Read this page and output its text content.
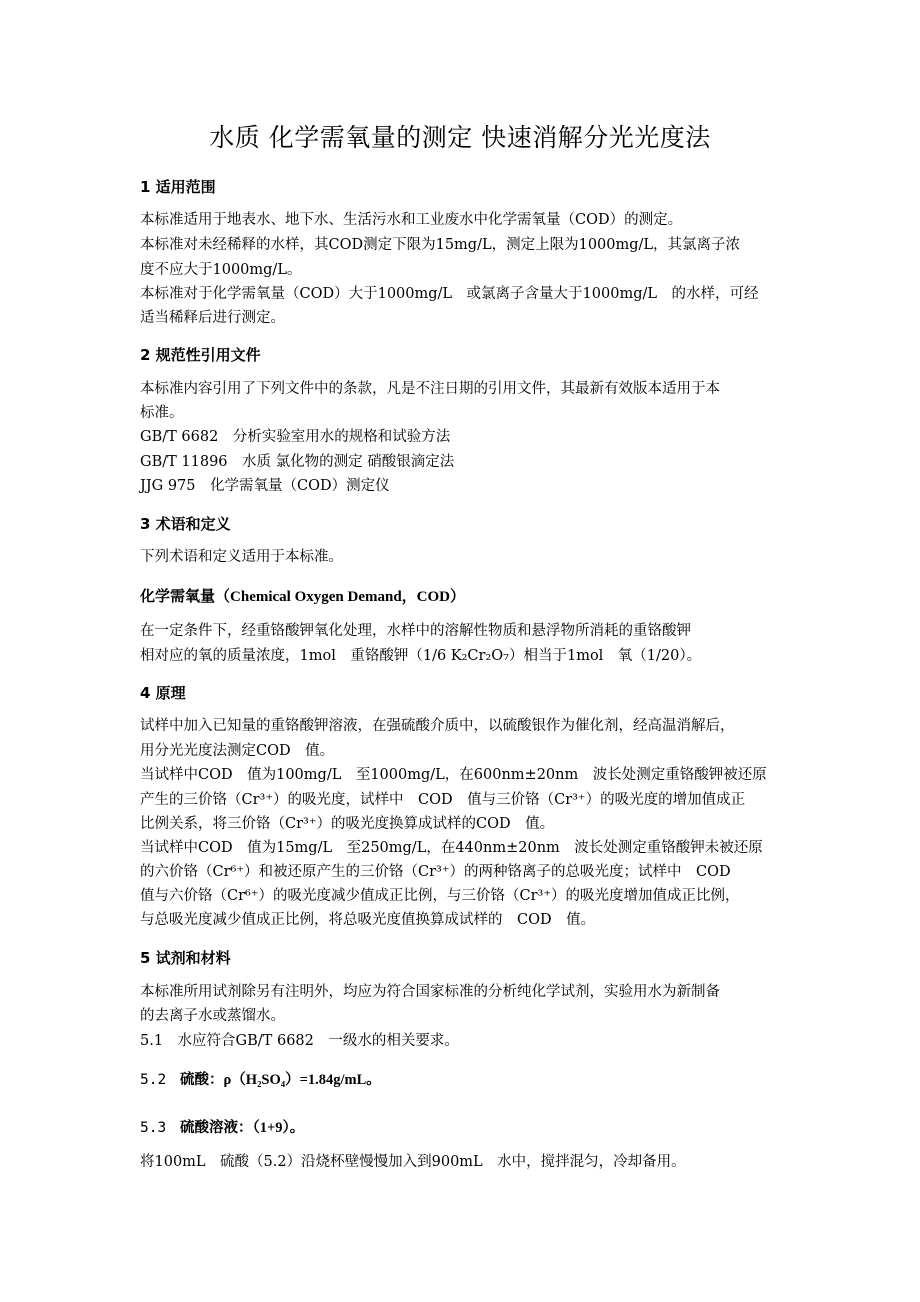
水质 化学需氧量的测定 快速消解分光光度法
1 适用范围
本标准适用于地表水、地下水、生活污水和工业废水中化学需氧量（COD）的测定。
本标准对未经稀释的水样，其COD测定下限为15mg/L，测定上限为1000mg/L，其氯离子浓
度不应大于1000mg/L。
本标准对于化学需氧量（COD）大于1000mg/L　或氯离子含量大于1000mg/L　的水样，可经
适当稀释后进行测定。
2 规范性引用文件
本标准内容引用了下列文件中的条款，凡是不注日期的引用文件，其最新有效版本适用于本
标准。
GB/T 6682　分析实验室用水的规格和试验方法
GB/T 11896　水质 氯化物的测定 硝酸银滴定法
JJG 975　化学需氧量（COD）测定仪
3 术语和定义
下列术语和定义适用于本标准。
化学需氧量（Chemical Oxygen Demand，COD）
在一定条件下，经重铬酸钾氧化处理，水样中的溶解性物质和悬浮物所消耗的重铬酸钾
相对应的氧的质量浓度，1mol　重铬酸钾（1/6 K₂Cr₂O₇）相当于1mol　氧（1/20）。
4 原理
试样中加入已知量的重铬酸钾溶液，在强硫酸介质中，以硫酸银作为催化剂，经高温消解后，
用分光光度法测定COD　值。
当试样中COD　值为100mg/L　至1000mg/L，在600nm±20nm　波长处测定重铬酸钾被还原
产生的三价铬（Cr³⁺）的吸光度，试样中　COD　值与三价铬（Cr³⁺）的吸光度的增加值成正
比例关系，将三价铬（Cr³⁺）的吸光度换算成试样的COD　值。
当试样中COD　值为15mg/L　至250mg/L，在440nm±20nm　波长处测定重铬酸钾未被还原
的六价铬（Cr⁶⁺）和被还原产生的三价铬（Cr³⁺）的两种铬离子的总吸光度；试样中　COD
值与六价铬（Cr⁶⁺）的吸光度减少值成正比例，与三价铬（Cr³⁺）的吸光度增加值成正比例，
与总吸光度减少值成正比例，将总吸光度值换算成试样的　COD　值。
5 试剂和材料
本标准所用试剂除另有注明外，均应为符合国家标准的分析纯化学试剂，实验用水为新制备
的去离子水或蒸馏水。
5.1　水应符合GB/T 6682　一级水的相关要求。
5.2 硫酸：ρ（H₂SO₄）=1.84g/mL。
5.3 硫酸溶液：（1+9）。
将100mL　硫酸（5.2）沿烧杯壁慢慢加入到900mL　水中，搅拌混匀，冷却备用。
